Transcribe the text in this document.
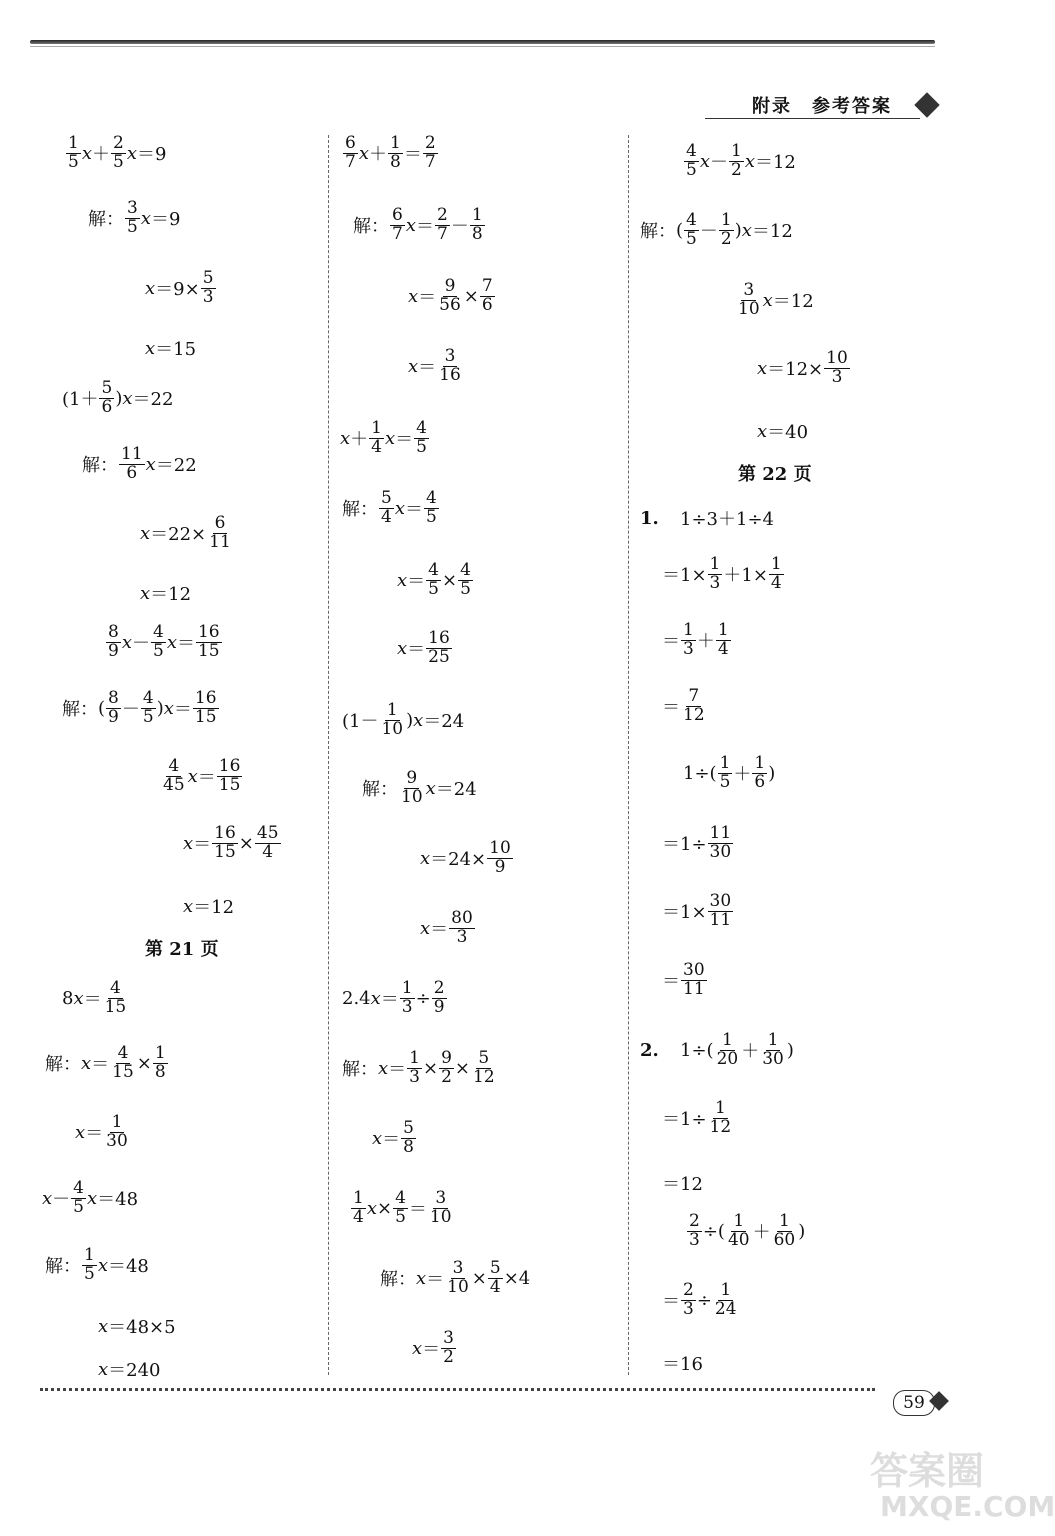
附录　参考答案
$\frac{1}{5}$ $x + \frac{2}{5}$ x ＝9
解： $\frac{3}{5}$ x ＝9
$x =9\times \frac{5}{3}$
x ＝15
($1+ \frac{5}{6}$ ) x ＝22
解： $\frac{11}{6}$ x ＝22
$x =22\times \frac{6}{11}$
x ＝12
$\frac{8}{9}$ $x - \frac{4}{5}$ $x = \frac{16}{15}$
解： ( $\frac{8}{9} - \frac{4}{5}$ ) $x = \frac{16}{15}$
$\frac{4}{45}$ $x = \frac{16}{15}$
$x = \frac{16}{15} \times \frac{45}{4}$
x ＝12
第 21 页
8 $x = \frac{4}{15}$
解： $x = \frac{4}{15} \times \frac{1}{8}$
$x = \frac{1}{30}$
$x - \frac{4}{5}$ x ＝48
解： $\frac{1}{5}$ x ＝48
x ＝48×5
x ＝240
$\frac{6}{7}$ $x + \frac{1}{8} = \frac{2}{7}$
解： $\frac{6}{7}$ $x = \frac{2}{7} - \frac{1}{8}$
$x = \frac{9}{56} \times \frac{7}{6}$
$x = \frac{3}{16}$
$x + \frac{1}{4}$ $x = \frac{4}{5}$
解： $\frac{5}{4}$ $x = \frac{4}{5}$
$x = \frac{4}{5} \times \frac{4}{5}$
$x = \frac{16}{25}$
($1- \frac{1}{10}$ ) x ＝24
解： $\frac{9}{10}$ x ＝24
$x =24\times \frac{10}{9}$
$x = \frac{80}{3}$
2.4 $x = \frac{1}{3} \div \frac{2}{9}$
解： $x = \frac{1}{3} \times \frac{9}{2} \times \frac{5}{12}$
$x = \frac{5}{8}$
$\frac{1}{4}$ $x \times \frac{4}{5} = \frac{3}{10}$
解： $x = \frac{3}{10} \times \frac{5}{4} \times 4$
$x = \frac{3}{2}$
$\frac{4}{5}$ $x - \frac{1}{2}$ x ＝12
解： ( $\frac{4}{5} - \frac{1}{2}$ ) x ＝12
$\frac{3}{10}$ x ＝12
$x =12\times \frac{10}{3}$
x ＝40
第 22 页
1.	1÷3＋1÷4
$=1\times \frac{1}{3} +1\times \frac{1}{4}$
＝ $\frac{1}{3} + \frac{1}{4}$
＝ $\frac{7}{12}$
$1\div( \frac{1}{5} + \frac{1}{6}$ )
$=1\div \frac{11}{30}$
$=1\times \frac{30}{11}$
＝ $\frac{30}{11}$
2.	$1\div( \frac{1}{20} + \frac{1}{30}$ )
$=1\div \frac{1}{12}$
＝12
$\frac{2}{3}$ ÷( $\frac{1}{40} + \frac{1}{60}$ )
＝ $\frac{2}{3} \div \frac{1}{24}$
＝16
59
答案圈
MXQE.COM
